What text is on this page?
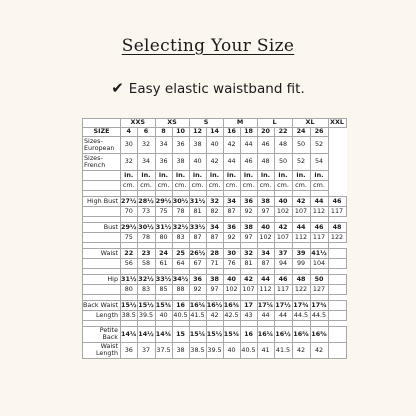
Selecting Your Size
✔ Easy elastic waistband fit.
	XXS		XS		S		M		L		XL		XXL
SIZE	4	6	8	10	12	14	16	18	20	22	24	26	
Sizes-European	30	32	34	36	38	40	42	44	46	48	50	52	
Sizes-French	32	34	36	38	40	42	44	46	48	50	52	54	
	in.	in.	in.	in.	in.	in.	in.	in.	in.	in.	in.	in.	
	cm.	cm.	cm.	cm.	cm.	cm.	cm.	cm.	cm.	cm.	cm.	cm.	

High Bust	27½	28½	29½	30½	31½	32	34	36	38	40	42	44	46
	70	73	75	78	81	82	87	92	97	102	107	112	117

Bust	29½	30½	31½	32½	33½	34	36	38	40	42	44	46	48
	75	78	80	83	87	87	92	97	102	107	112	117	122

Waist	22	23	24	25	26½	28	30	32	34	37	39	41½	
	56	58	61	64	67	71	76	81	87	94	99	104	

Hip	31½	32½	33½	34½	36	38	40	42	44	46	48	50	
	80	83	85	88	92	97	102	107	112	117	122	127	

Back Waist	15½	15½	15¾	16	16¼	16½	16¾	17	17¼	17½	17¾	17¾	
Length	38.5	39.5	40	40.5	41.5	42	42.5	43	44	44	44.5	44.5	

Petite Back	14¼	14½	14¾	15	15¼	15½	15¾	16	16¼	16½	16⅝	16⅝	
Waist Length	36	37	37.5	38	38.5	39.5	40	40.5	41	41.5	42	42	
